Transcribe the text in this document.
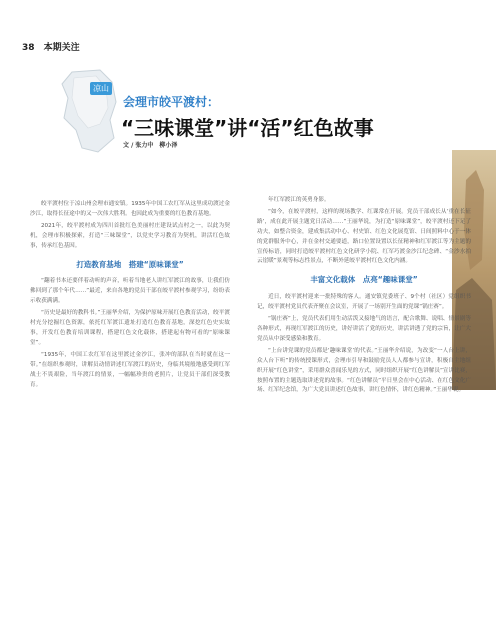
38 本期关注
凉山
会理市皎平渡村：
“三味课堂”讲“活”红色故事
文 / 张力中　柳小泽

皎平渡村位于凉山州会理市通安镇。1935年中国工农红军从这里成功渡过金沙江，取得长征途中的又一次伟大胜利。也因此成为重要的红色教育基地。

2021年，皎平渡村成为四川首批红色美丽村庄建设试点村之一，以此为契机，会理市积极探索，打造“三味课堂”，以党史学习教育为契机，讲活红色故事，传承红色基因。

打造教育基地　搭建“原味课堂”

“翻着书本还要伴着动听的声音，听着当地老人讲红军渡江的故事，让我们仿佛回到了那个年代……”最近，来自各地的党员干部在皎平渡村参观学习，纷纷表示收获满满。

“历史是最好的教科书。”王丽华介绍，为保护原味开展红色教育活动，皎平渡村充分挖掘红色资源，依托红军渡江遗址打造红色教育基地，深挖红色史实故事，开发红色教育培训课程，搭建红色文化载体，搭建起有物可看的“原味课堂”。

“1935年，中国工农红军在这里渡过金沙江，张冲的部队在当时就在这一带。”在组织参观时，讲解员动情讲述红军渡江的历史，身临其境般地感受到红军战士不畏艰险，当年渡江的情景，一幅幅珍贵的老照片，让党员干部们深受教育。

年红军渡江的英勇身影。

“如今，在皎平渡村，这样的现场教学、红课常在开展。党员干部成长从‘重在长征路’，成在此开展主题党日活动……”王丽华说，为打造“原味课堂”，皎平渡村还下足了功夫，如整合资金，建成集活动中心、村史馆、红色文化展览馆、日间照料中心于一体的党群服务中心，并在金村交通要道，路口位置设置以长征精神和红军渡江等为主题的宣传标语，同时打造皎平渡村红色文化研学小院、红军巧渡金沙江纪念碑、“金沙水拍云崖暖”景观等标志性景点，不断外延皎平渡村红色文化内涵。

丰富文化载体　点亮“趣味课堂”

近日，皎平渡村迎来一批特殊的客人。通安镇党委班子、9个村（社区）党组织书记，皎平渡村党员代表齐聚在会议室，开展了一场别开生面的党课“锅庄赛”。

“锅庄赛”上，党员代表们用生动活泼又接地气的语言，配合歌舞、说唱、情景剧等各种形式，再现红军渡江的历史，讲好讲活了党的历史，讲活讲透了党的宗旨，让广大党员从中深受感染和教育。

“上台讲党课的党员都是‘趣味课堂’的代表。”王丽华介绍说，为改变“一人台上讲，众人台下听”的传统授课形式，会理市引导和鼓励党员人人都参与宣讲，积极自主地组织开展“红色讲堂”，采用群众喜闻乐见的方式，同时组织开展“红色讲解员”宣讲比赛，按照布置的主题选取讲述党的故事。“红色讲解员”平日里会在中心活动、在红色文化广场、红军纪念馆，为广大党员讲述红色故事，讲红色情怀，讲红色精神。”王丽华说。
